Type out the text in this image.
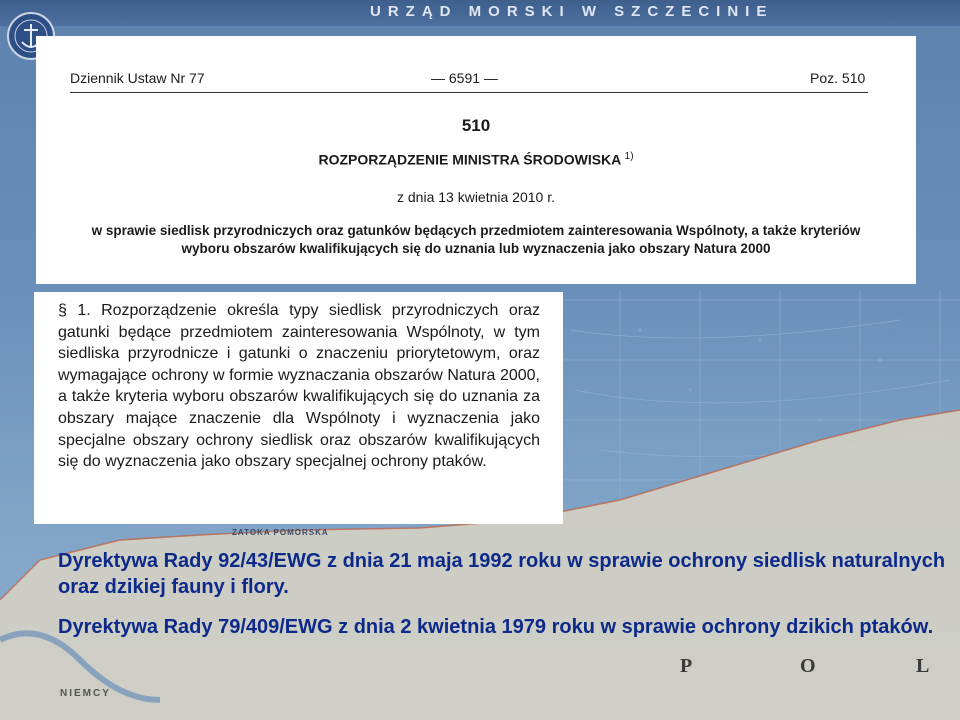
URZĄD MORSKI W SZCZECINIE
Dziennik Ustaw Nr 77	— 6591 —	Poz. 510
510
ROZPORZĄDZENIE MINISTRA ŚRODOWISKA $^{1)}$
z dnia 13 kwietnia 2010 r.
w sprawie siedlisk przyrodniczych oraz gatunków będących przedmiotem zainteresowania Wspólnoty, a także kryteriów wyboru obszarów kwalifikujących się do uznania lub wyznaczenia jako obszary Natura 2000
§ 1. Rozporządzenie określa typy siedlisk przyrodniczych oraz gatunki będące przedmiotem zainteresowania Wspólnoty, w tym siedliska przyrodnicze i gatunki o znaczeniu priorytetowym, oraz wymagające ochrony w formie wyznaczania obszarów Natura 2000, a także kryteria wyboru obszarów kwalifikujących się do uznania za obszary mające znaczenie dla Wspólnoty i wyznaczenia jako specjalne obszary ochrony siedlisk oraz obszarów kwalifikujących się do wyznaczenia jako obszary specjalnej ochrony ptaków.
NIEMCY
P	O	L
ZATOKA POMORSKA
Dyrektywa Rady 92/43/EWG z dnia 21 maja 1992 roku w sprawie ochrony siedlisk naturalnych oraz dzikiej fauny i flory.
Dyrektywa Rady 79/409/EWG z dnia 2 kwietnia 1979 roku w sprawie ochrony dzikich ptaków.
